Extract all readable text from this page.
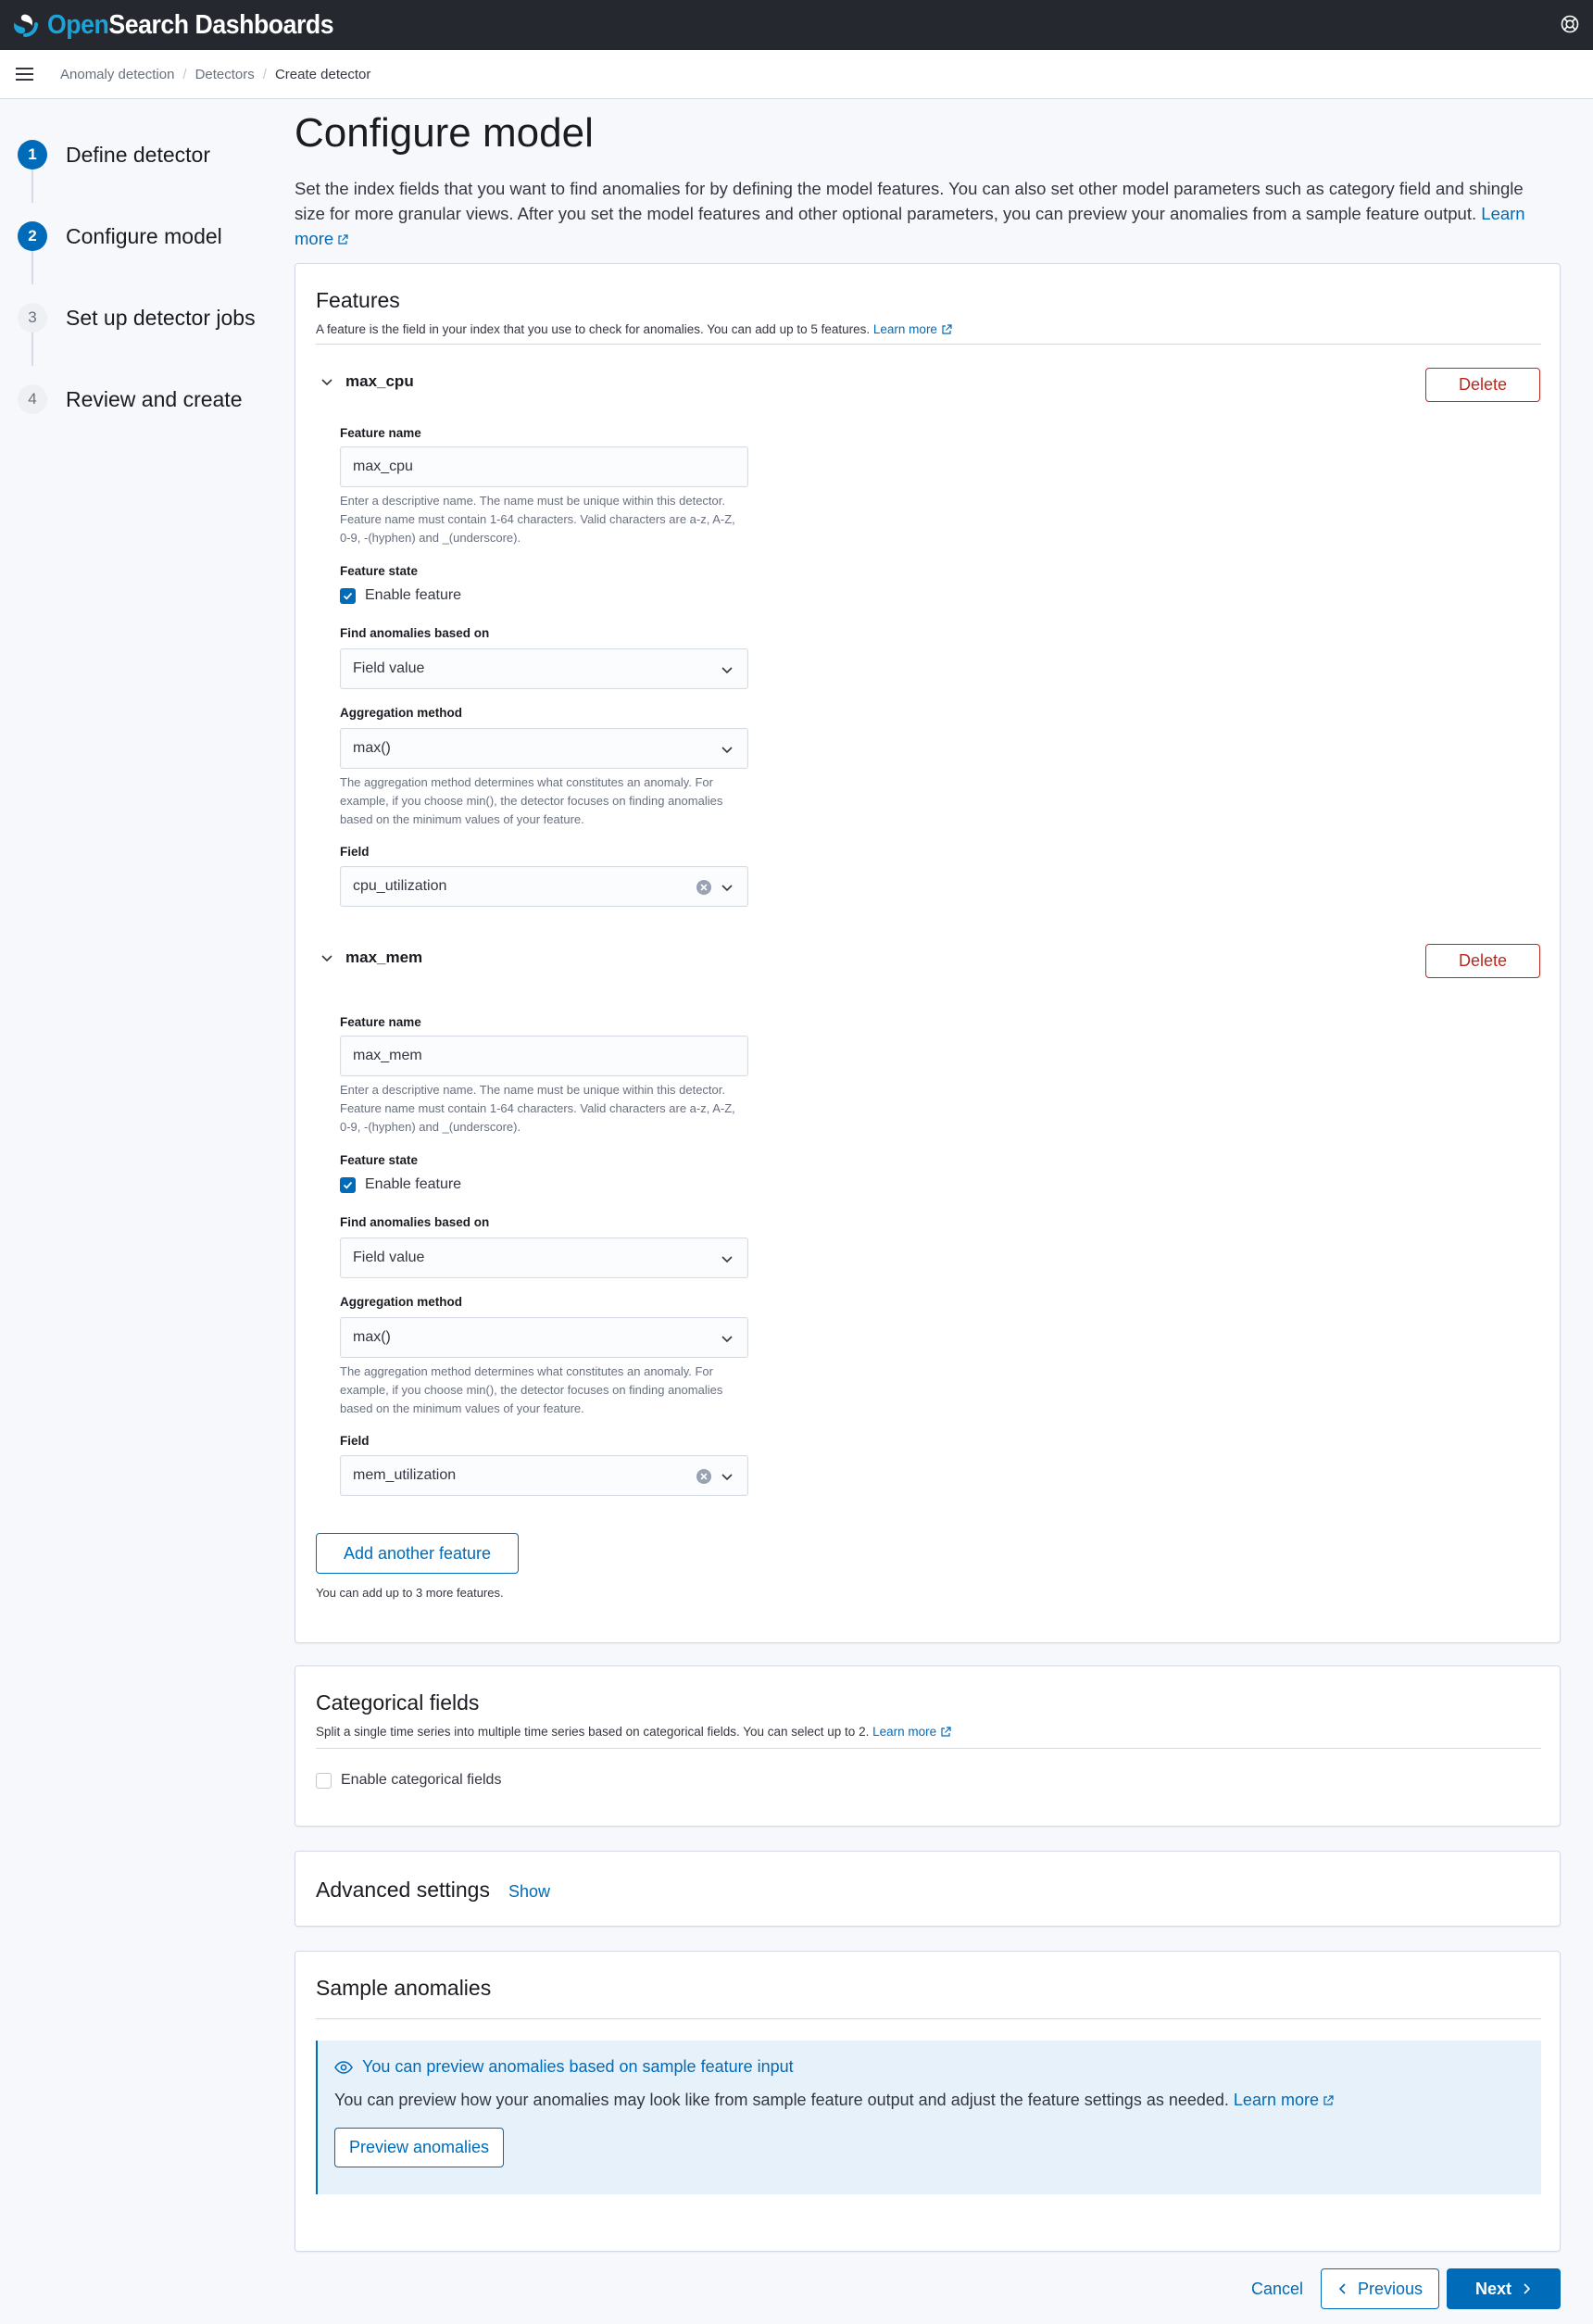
Open Search Dashboards
Anomaly detection / Detectors / Create detector
1	Define detector
2	Configure model
3	Set up detector jobs
4	Review and create
Configure model

Set the index fields that you want to find anomalies for by defining the model features. You can also set other model parameters such as category field and shingle size for more granular views. After you set the model features and other optional parameters, you can preview your anomalies from a sample feature output. Learn more

Features
A feature is the field in your index that you use to check for anomalies. You can add up to 5 features. Learn more
max_cpu	Delete
Feature name
max_cpu
Enter a descriptive name. The name must be unique within this detector. Feature name must contain 1-64 characters. Valid characters are a-z, A-Z, 0-9, -(hyphen) and _(underscore).
Feature state
Enable feature
Find anomalies based on
Field value
Aggregation method
max()
The aggregation method determines what constitutes an anomaly. For example, if you choose min(), the detector focuses on finding anomalies based on the minimum values of your feature.
Field
cpu_utilization
max_mem	Delete
Feature name
max_mem
Enter a descriptive name. The name must be unique within this detector. Feature name must contain 1-64 characters. Valid characters are a-z, A-Z, 0-9, -(hyphen) and _(underscore).
Feature state
Enable feature
Find anomalies based on
Field value
Aggregation method
max()
The aggregation method determines what constitutes an anomaly. For example, if you choose min(), the detector focuses on finding anomalies based on the minimum values of your feature.
Field
mem_utilization
Add another feature
You can add up to 3 more features.
Categorical fields
Split a single time series into multiple time series based on categorical fields. You can select up to 2. Learn more
Enable categorical fields
Advanced settings Show
Sample anomalies
You can preview anomalies based on sample feature input
You can preview how your anomalies may look like from sample feature output and adjust the feature settings as needed. Learn more
Preview anomalies
Cancel	Previous	Next
